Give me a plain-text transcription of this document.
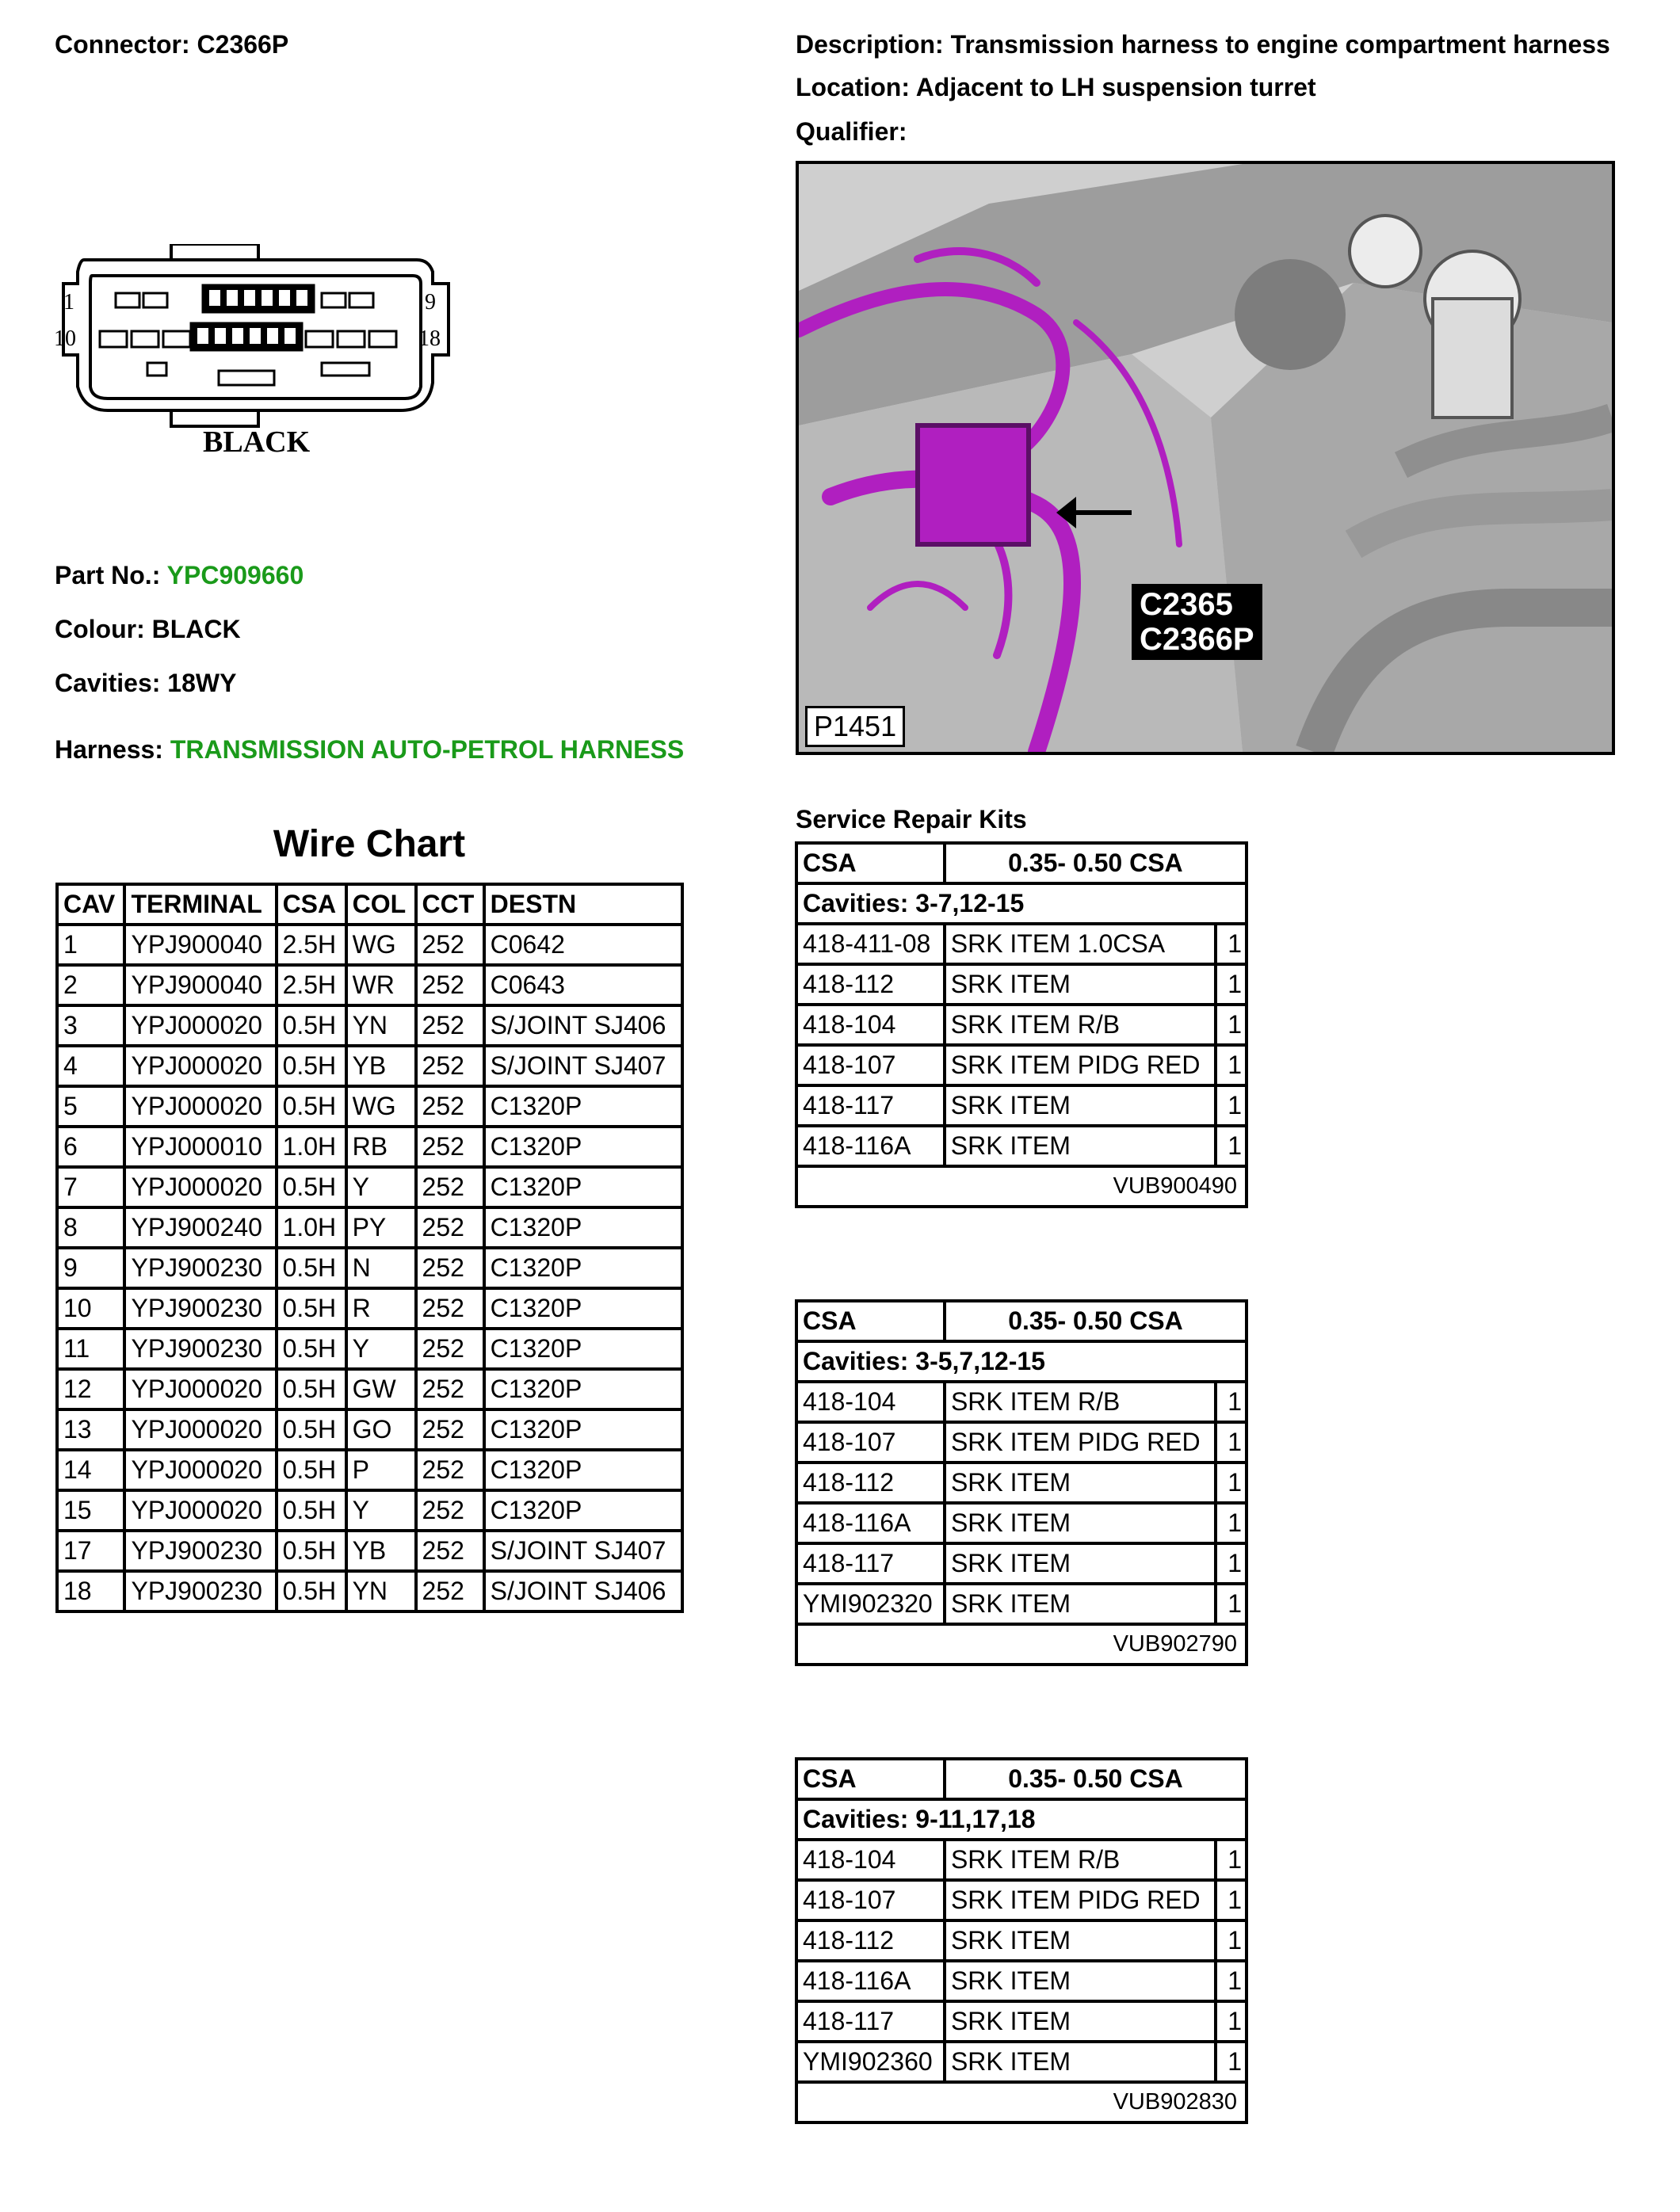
Connector: C2366P	Description: Transmission harness to engine compartment harness
Location: Adjacent to LH suspension turret
Qualifier:
1	9
10	18
BLACK
Part No.: YPC909660
Colour: BLACK
Cavities: 18WY
Harness: TRANSMISSION AUTO-PETROL HARNESS
C2365
C2366P
P1451
Wire Chart
CAV	TERMINAL	CSA	COL	CCT	DESTN
1	YPJ900040	2.5H	WG	252	C0642
2	YPJ900040	2.5H	WR	252	C0643
3	YPJ000020	0.5H	YN	252	S/JOINT SJ406
4	YPJ000020	0.5H	YB	252	S/JOINT SJ407
5	YPJ000020	0.5H	WG	252	C1320P
6	YPJ000010	1.0H	RB	252	C1320P
7	YPJ000020	0.5H	Y	252	C1320P
8	YPJ900240	1.0H	PY	252	C1320P
9	YPJ900230	0.5H	N	252	C1320P
10	YPJ900230	0.5H	R	252	C1320P
11	YPJ900230	0.5H	Y	252	C1320P
12	YPJ000020	0.5H	GW	252	C1320P
13	YPJ000020	0.5H	GO	252	C1320P
14	YPJ000020	0.5H	P	252	C1320P
15	YPJ000020	0.5H	Y	252	C1320P
17	YPJ900230	0.5H	YB	252	S/JOINT SJ407
18	YPJ900230	0.5H	YN	252	S/JOINT SJ406
Service Repair Kits
CSA	0.35- 0.50 CSA	
Cavities: 3-7,12-15		
418-411-08	SRK ITEM 1.0CSA	1
418-112	SRK ITEM	1
418-104	SRK ITEM R/B	1
418-107	SRK ITEM PIDG RED	1
418-117	SRK ITEM	1
418-116A	SRK ITEM	1
VUB900490		
CSA	0.35- 0.50 CSA	
Cavities: 3-5,7,12-15		
418-104	SRK ITEM R/B	1
418-107	SRK ITEM PIDG RED	1
418-112	SRK ITEM	1
418-116A	SRK ITEM	1
418-117	SRK ITEM	1
YMI902320	SRK ITEM	1
VUB902790		
CSA	0.35- 0.50 CSA	
Cavities: 9-11,17,18		
418-104	SRK ITEM R/B	1
418-107	SRK ITEM PIDG RED	1
418-112	SRK ITEM	1
418-116A	SRK ITEM	1
418-117	SRK ITEM	1
YMI902360	SRK ITEM	1
VUB902830		
